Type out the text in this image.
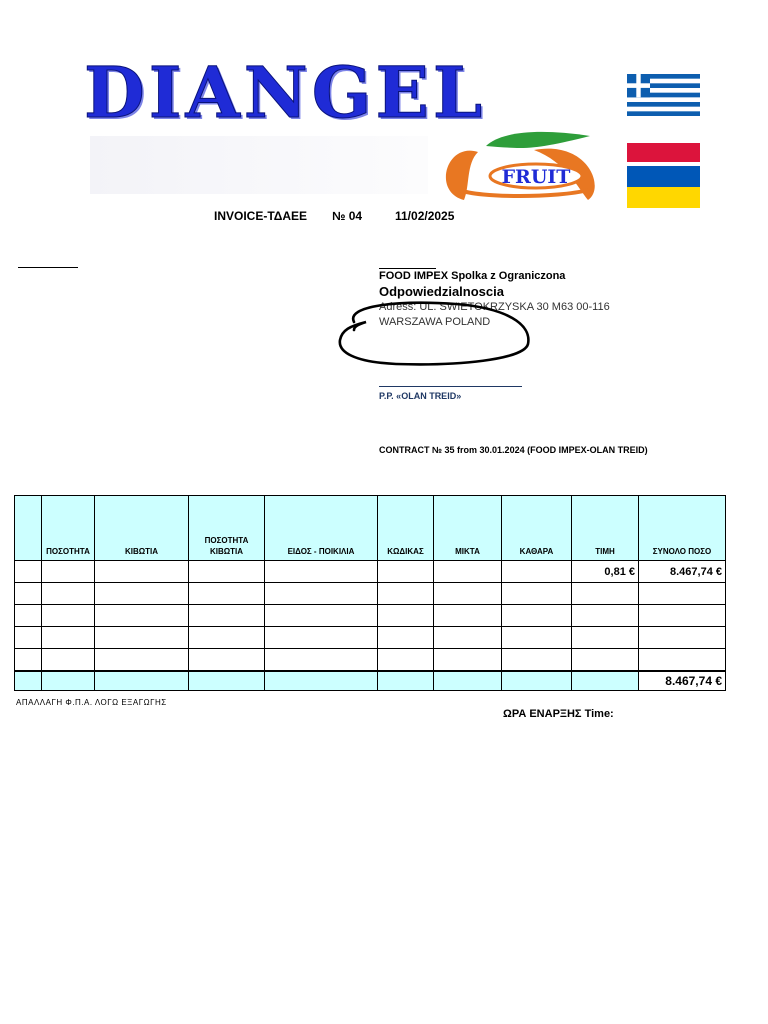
DIANGEL
FRUIT
INVOICE-ΤΔΑΕΕ № 04	11/02/2025
FOOD IMPEX Spolka z Ograniczona
Odpowiedzialnoscia
Adress: UL. SWIETOKRZYSKA 30 M63 00-116
WARSZAWA POLAND
P.P. «OLAN TREID»
CONTRACT № 35 from 30.01.2024 (FOOD IMPEX-OLAN TREID)
	ΠΟΣΟΤΗΤΑ	ΚΙΒΩΤΙΑ	ΠΟΣΟΤΗΤΑ ΚΙΒΩΤΙΑ	ΕΙΔΟΣ - ΠΟΙΚΙΛΙΑ	ΚΩΔΙΚΑΣ	ΜΙΚΤΑ	ΚΑΘΑΡΑ	ΤΙΜΗ	ΣΥΝΟΛΟ ΠΟΣΟ
								0,81 €	8.467,74 €

									8.467,74 €
ΑΠΑΛΛΑΓΗ Φ.Π.Α. ΛΟΓΩ ΕΞΑΓΩΓΗΣ
ΩΡΑ ΕΝΑΡΞΗΣ Time:
